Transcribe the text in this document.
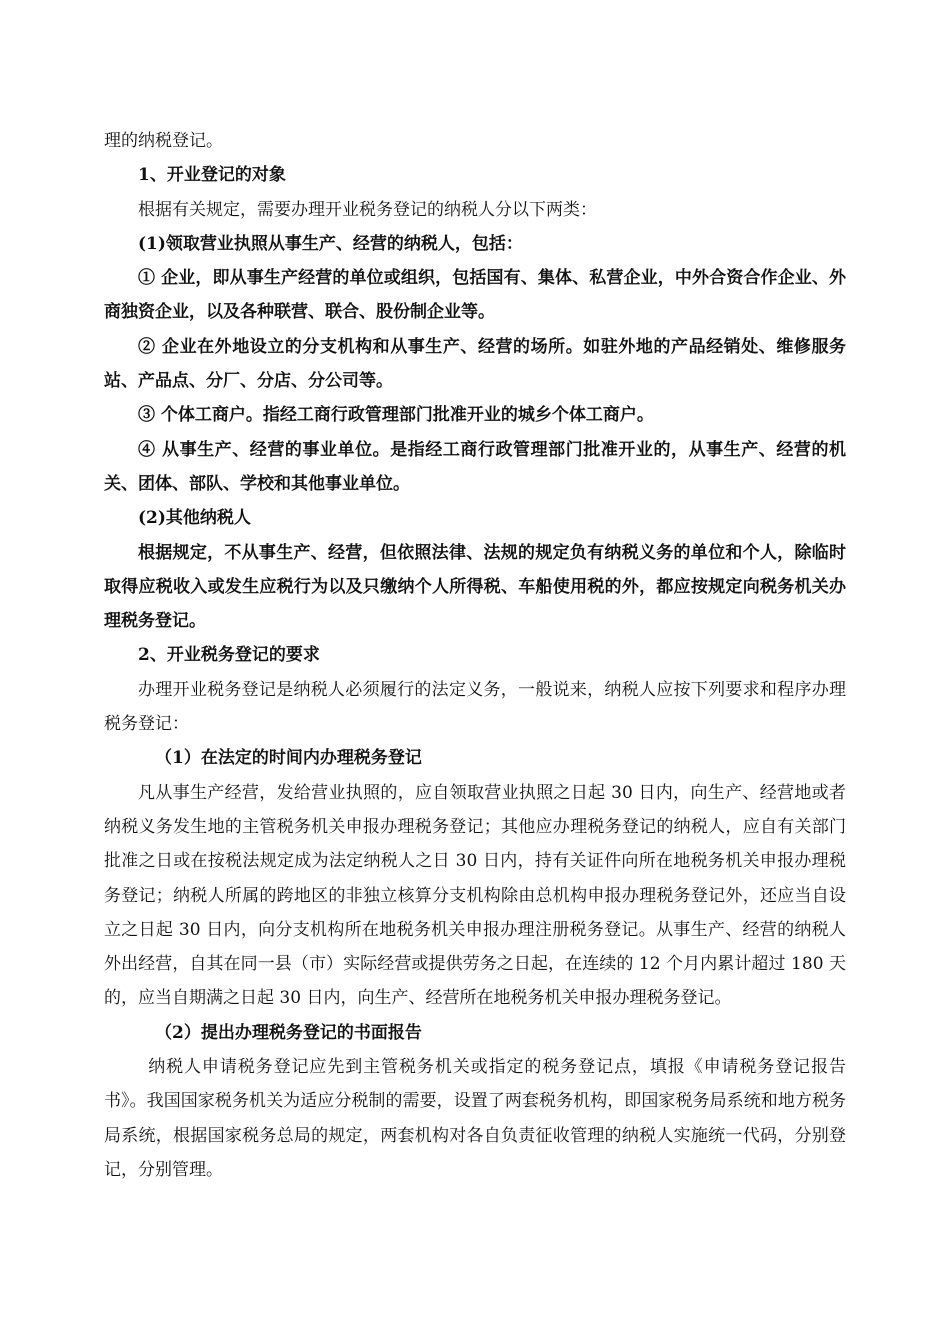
理的纳税登记。

1、开业登记的对象

根据有关规定，需要办理开业税务登记的纳税人分以下两类：

(1)领取营业执照从事生产、经营的纳税人，包括：

① 企业，即从事生产经营的单位或组织，包括国有、集体、私营企业，中外合资合作企业、外商独资企业，以及各种联营、联合、股份制企业等。

② 企业在外地设立的分支机构和从事生产、经营的场所。如驻外地的产品经销处、维修服务站、产品点、分厂、分店、分公司等。

③ 个体工商户。指经工商行政管理部门批准开业的城乡个体工商户。

④ 从事生产、经营的事业单位。是指经工商行政管理部门批准开业的，从事生产、经营的机关、团体、部队、学校和其他事业单位。

(2)其他纳税人

根据规定，不从事生产、经营，但依照法律、法规的规定负有纳税义务的单位和个人，除临时取得应税收入或发生应税行为以及只缴纳个人所得税、车船使用税的外，都应按规定向税务机关办理税务登记。

2、开业税务登记的要求

办理开业税务登记是纳税人必须履行的法定义务，一般说来，纳税人应按下列要求和程序办理税务登记：

（1）在法定的时间内办理税务登记

凡从事生产经营，发给营业执照的，应自领取营业执照之日起 30 日内，向生产、经营地或者纳税义务发生地的主管税务机关申报办理税务登记；其他应办理税务登记的纳税人，应自有关部门批准之日或在按税法规定成为法定纳税人之日 30 日内，持有关证件向所在地税务机关申报办理税务登记；纳税人所属的跨地区的非独立核算分支机构除由总机构申报办理税务登记外，还应当自设立之日起 30 日内，向分支机构所在地税务机关申报办理注册税务登记。从事生产、经营的纳税人外出经营，自其在同一县（市）实际经营或提供劳务之日起，在连续的 12 个月内累计超过 180 天的，应当自期满之日起 30 日内，向生产、经营所在地税务机关申报办理税务登记。

（2）提出办理税务登记的书面报告

纳税人申请税务登记应先到主管税务机关或指定的税务登记点，填报《申请税务登记报告书》。我国国家税务机关为适应分税制的需要，设置了两套税务机构，即国家税务局系统和地方税务局系统，根据国家税务总局的规定，两套机构对各自负责征收管理的纳税人实施统一代码，分别登记，分别管理。
